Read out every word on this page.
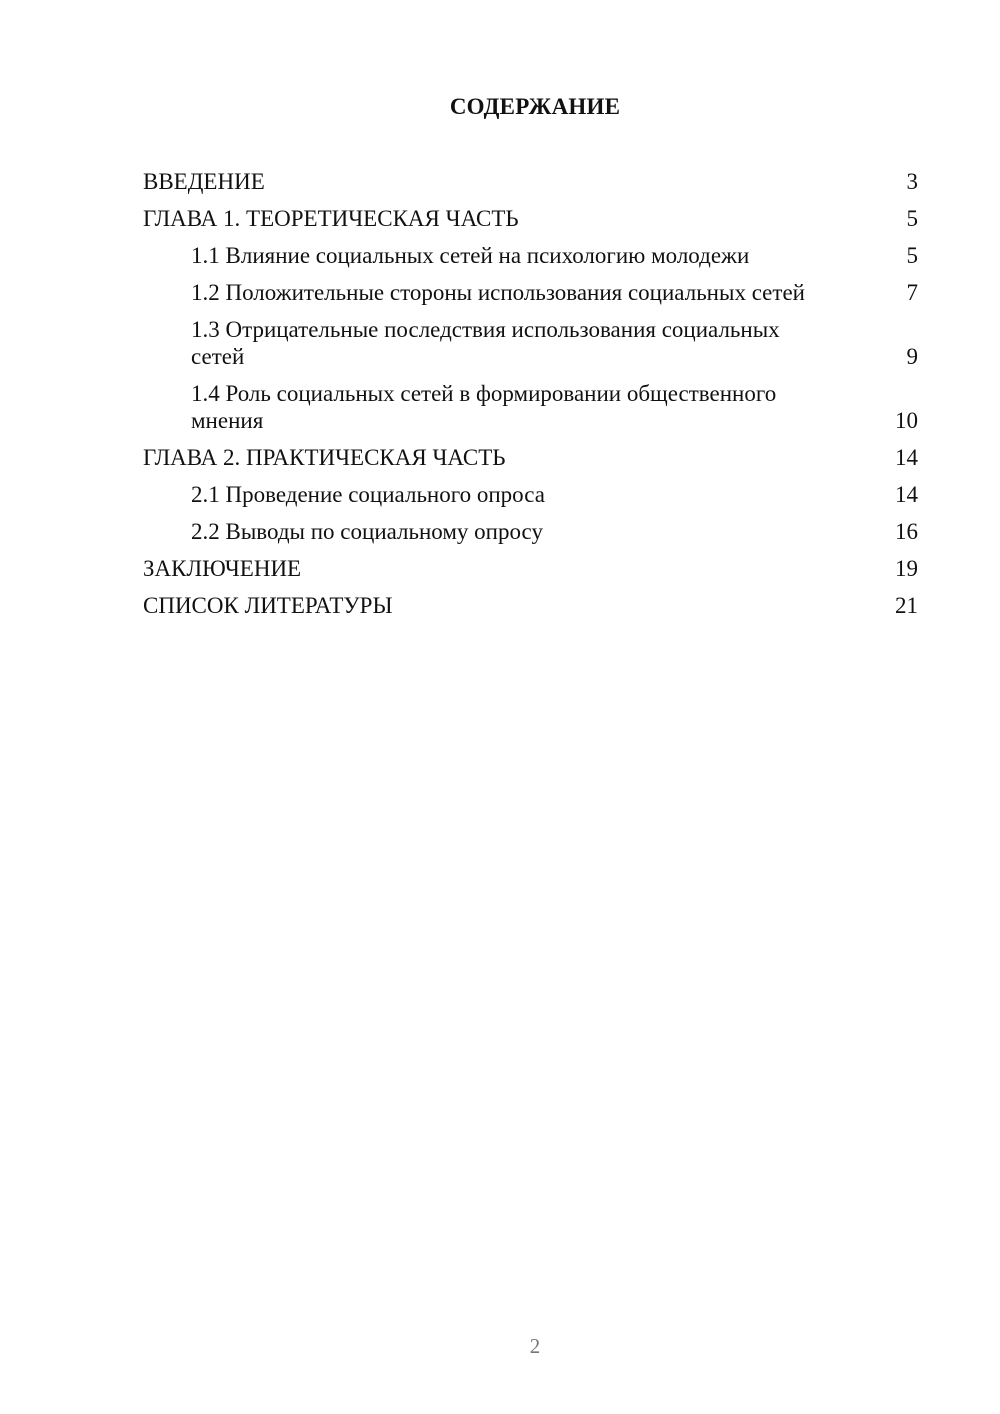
СОДЕРЖАНИЕ
ВВЕДЕНИЕ	3
ГЛАВА 1. ТЕОРЕТИЧЕСКАЯ ЧАСТЬ	5
1.1 Влияние социальных сетей на психологию молодежи	5
1.2 Положительные стороны использования социальных сетей	7
1.3 Отрицательные последствия использования социальных сетей	9
1.4 Роль социальных сетей в формировании общественного мнения	10
ГЛАВА 2. ПРАКТИЧЕСКАЯ ЧАСТЬ	14
2.1 Проведение социального опроса	14
2.2 Выводы по социальному опросу	16
ЗАКЛЮЧЕНИЕ	19
СПИСОК ЛИТЕРАТУРЫ	21
2
